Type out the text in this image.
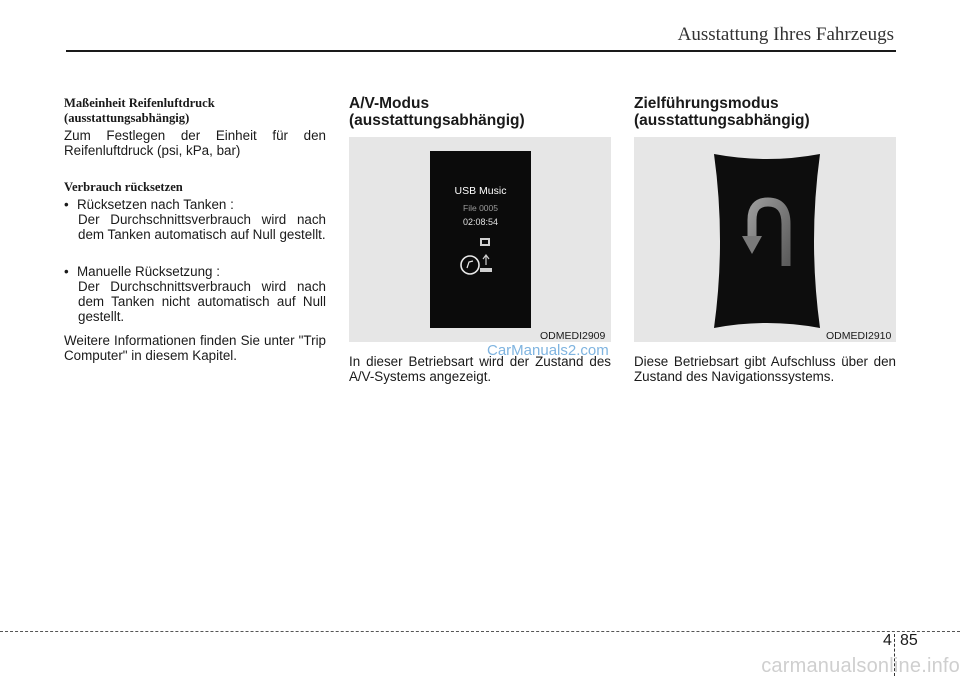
Ausstattung Ihres Fahrzeugs
Maßeinheit Reifenluftdruck
(ausstattungsabhängig)
Zum Festlegen der Einheit für den Reifenluftdruck (psi, kPa, bar)
Verbrauch rücksetzen
• Rücksetzen nach Tanken :
Der Durchschnittsverbrauch wird nach dem Tanken automatisch auf Null gestellt.
• Manuelle Rücksetzung :
Der Durchschnittsverbrauch wird nach dem Tanken nicht automatisch auf Null gestellt.
Weitere Informationen finden Sie unter "Trip Computer" in diesem Kapitel.
A/V-Modus
(ausstattungsabhängig)
USB Music
File 0005
02:08:54
ODMEDI2909
In dieser Betriebsart wird der Zustand des A/V-Systems angezeigt.
Zielführungsmodus
(ausstattungsabhängig)
ODMEDI2910
Diese Betriebsart gibt Aufschluss über den Zustand des Navigationssystems.
CarManuals2.com
4 85
carmanualsonline.info
